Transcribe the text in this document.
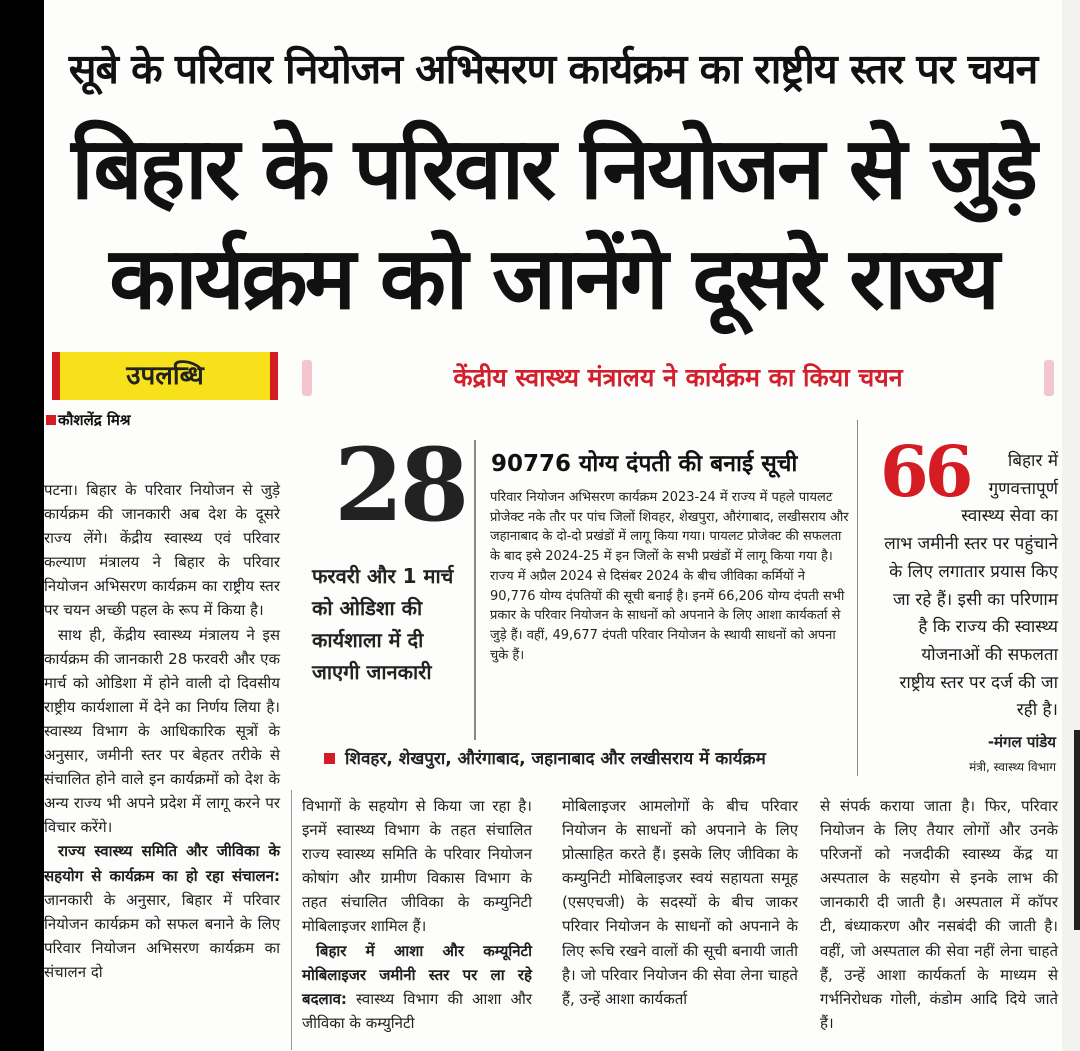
सूबे के परिवार नियोजन अभिसरण कार्यक्रम का राष्ट्रीय स्तर पर चयन
बिहार के परिवार नियोजन से जुड़े
कार्यक्रम को जानेंगे दूसरे राज्य
उपलब्धि
कौशलेंद्र मिश्र
केंद्रीय स्वास्थ्य मंत्रालय ने कार्यक्रम का किया चयन
28
फरवरी और 1 मार्च को ओडिशा की कार्यशाला में दी जाएगी जानकारी
90776 योग्य दंपती की बनाई सूची
परिवार नियोजन अभिसरण कार्यक्रम 2023-24 में राज्य में पहले पायलट प्रोजेक्ट नके तौर पर पांच जिलों शिवहर, शेखपुरा, औरंगाबाद, लखीसराय और जहानाबाद के दो-दो प्रखंडों में लागू किया गया। पायलट प्रोजेक्ट की सफलता के बाद इसे 2024-25 में इन जिलों के सभी प्रखंडों में लागू किया गया है। राज्य में अप्रैल 2024 से दिसंबर 2024 के बीच जीविका कर्मियों ने 90,776 योग्य दंपतियों की सूची बनाई है। इनमें 66,206 योग्य दंपती सभी प्रकार के परिवार नियोजन के साधनों को अपनाने के लिए आशा कार्यकर्ता से जुड़े हैं। वहीं, 49,677 दंपती परिवार नियोजन के स्थायी साधनों को अपना चुके हैं।
शिवहर, शेखपुरा, औरंगाबाद, जहानाबाद और लखीसराय में कार्यक्रम
66	बिहार में गुणवत्तापूर्ण स्वास्थ्य सेवा का लाभ जमीनी स्तर पर पहुंचाने के लिए लगातार प्रयास किए जा रहे हैं। इसी का परिणाम है कि राज्य की स्वास्थ्य योजनाओं की सफलता राष्ट्रीय स्तर पर दर्ज की जा रही है।
-मंगल पांडेय
मंत्री, स्वास्थ्य विभाग

पटना। बिहार के परिवार नियोजन से जुड़े कार्यक्रम की जानकारी अब देश के दूसरे राज्य लेंगे। केंद्रीय स्वास्थ्य एवं परिवार कल्याण मंत्रालय ने बिहार के परिवार नियोजन अभिसरण कार्यक्रम का राष्ट्रीय स्तर पर चयन अच्छी पहल के रूप में किया है।

साथ ही, केंद्रीय स्वास्थ्य मंत्रालय ने इस कार्यक्रम की जानकारी 28 फरवरी और एक मार्च को ओडिशा में होने वाली दो दिवसीय राष्ट्रीय कार्यशाला में देने का निर्णय लिया है। स्वास्थ्य विभाग के आधिकारिक सूत्रों के अनुसार, जमीनी स्तर पर बेहतर तरीके से संचालित होने वाले इन कार्यक्रमों को देश के अन्य राज्य भी अपने प्रदेश में लागू करने पर विचार करेंगे।

राज्य स्वास्थ्य समिति और जीविका के सहयोग से कार्यक्रम का हो रहा संचालन: जानकारी के अनुसार, बिहार में परिवार नियोजन कार्यक्रम को सफल बनाने के लिए परिवार नियोजन अभिसरण कार्यक्रम का संचालन दो

विभागों के सहयोग से किया जा रहा है। इनमें स्वास्थ्य विभाग के तहत संचालित राज्य स्वास्थ्य समिति के परिवार नियोजन कोषांग और ग्रामीण विकास विभाग के तहत संचालित जीविका के कम्युनिटी मोबिलाइजर शामिल हैं।

बिहार में आशा और कम्यूनिटी मोबिलाइजर जमीनी स्तर पर ला रहे बदलाव: स्वास्थ्य विभाग की आशा और जीविका के कम्युनिटी

मोबिलाइजर आमलोगों के बीच परिवार नियोजन के साधनों को अपनाने के लिए प्रोत्साहित करते हैं। इसके लिए जीविका के कम्युनिटी मोबिलाइजर स्वयं सहायता समूह (एसएचजी) के सदस्यों के बीच जाकर परिवार नियोजन के साधनों को अपनाने के लिए रूचि रखने वालों की सूची बनायी जाती है। जो परिवार नियोजन की सेवा लेना चाहते हैं, उन्हें आशा कार्यकर्ता

से संपर्क कराया जाता है। फिर, परिवार नियोजन के लिए तैयार लोगों और उनके परिजनों को नजदीकी स्वास्थ्य केंद्र या अस्पताल के सहयोग से इनके लाभ की जानकारी दी जाती है। अस्पताल में कॉपर टी, बंध्याकरण और नसबंदी की जाती है। वहीं, जो अस्पताल की सेवा नहीं लेना चाहते हैं, उन्हें आशा कार्यकर्ता के माध्यम से गर्भनिरोधक गोली, कंडोम आदि दिये जाते हैं।
